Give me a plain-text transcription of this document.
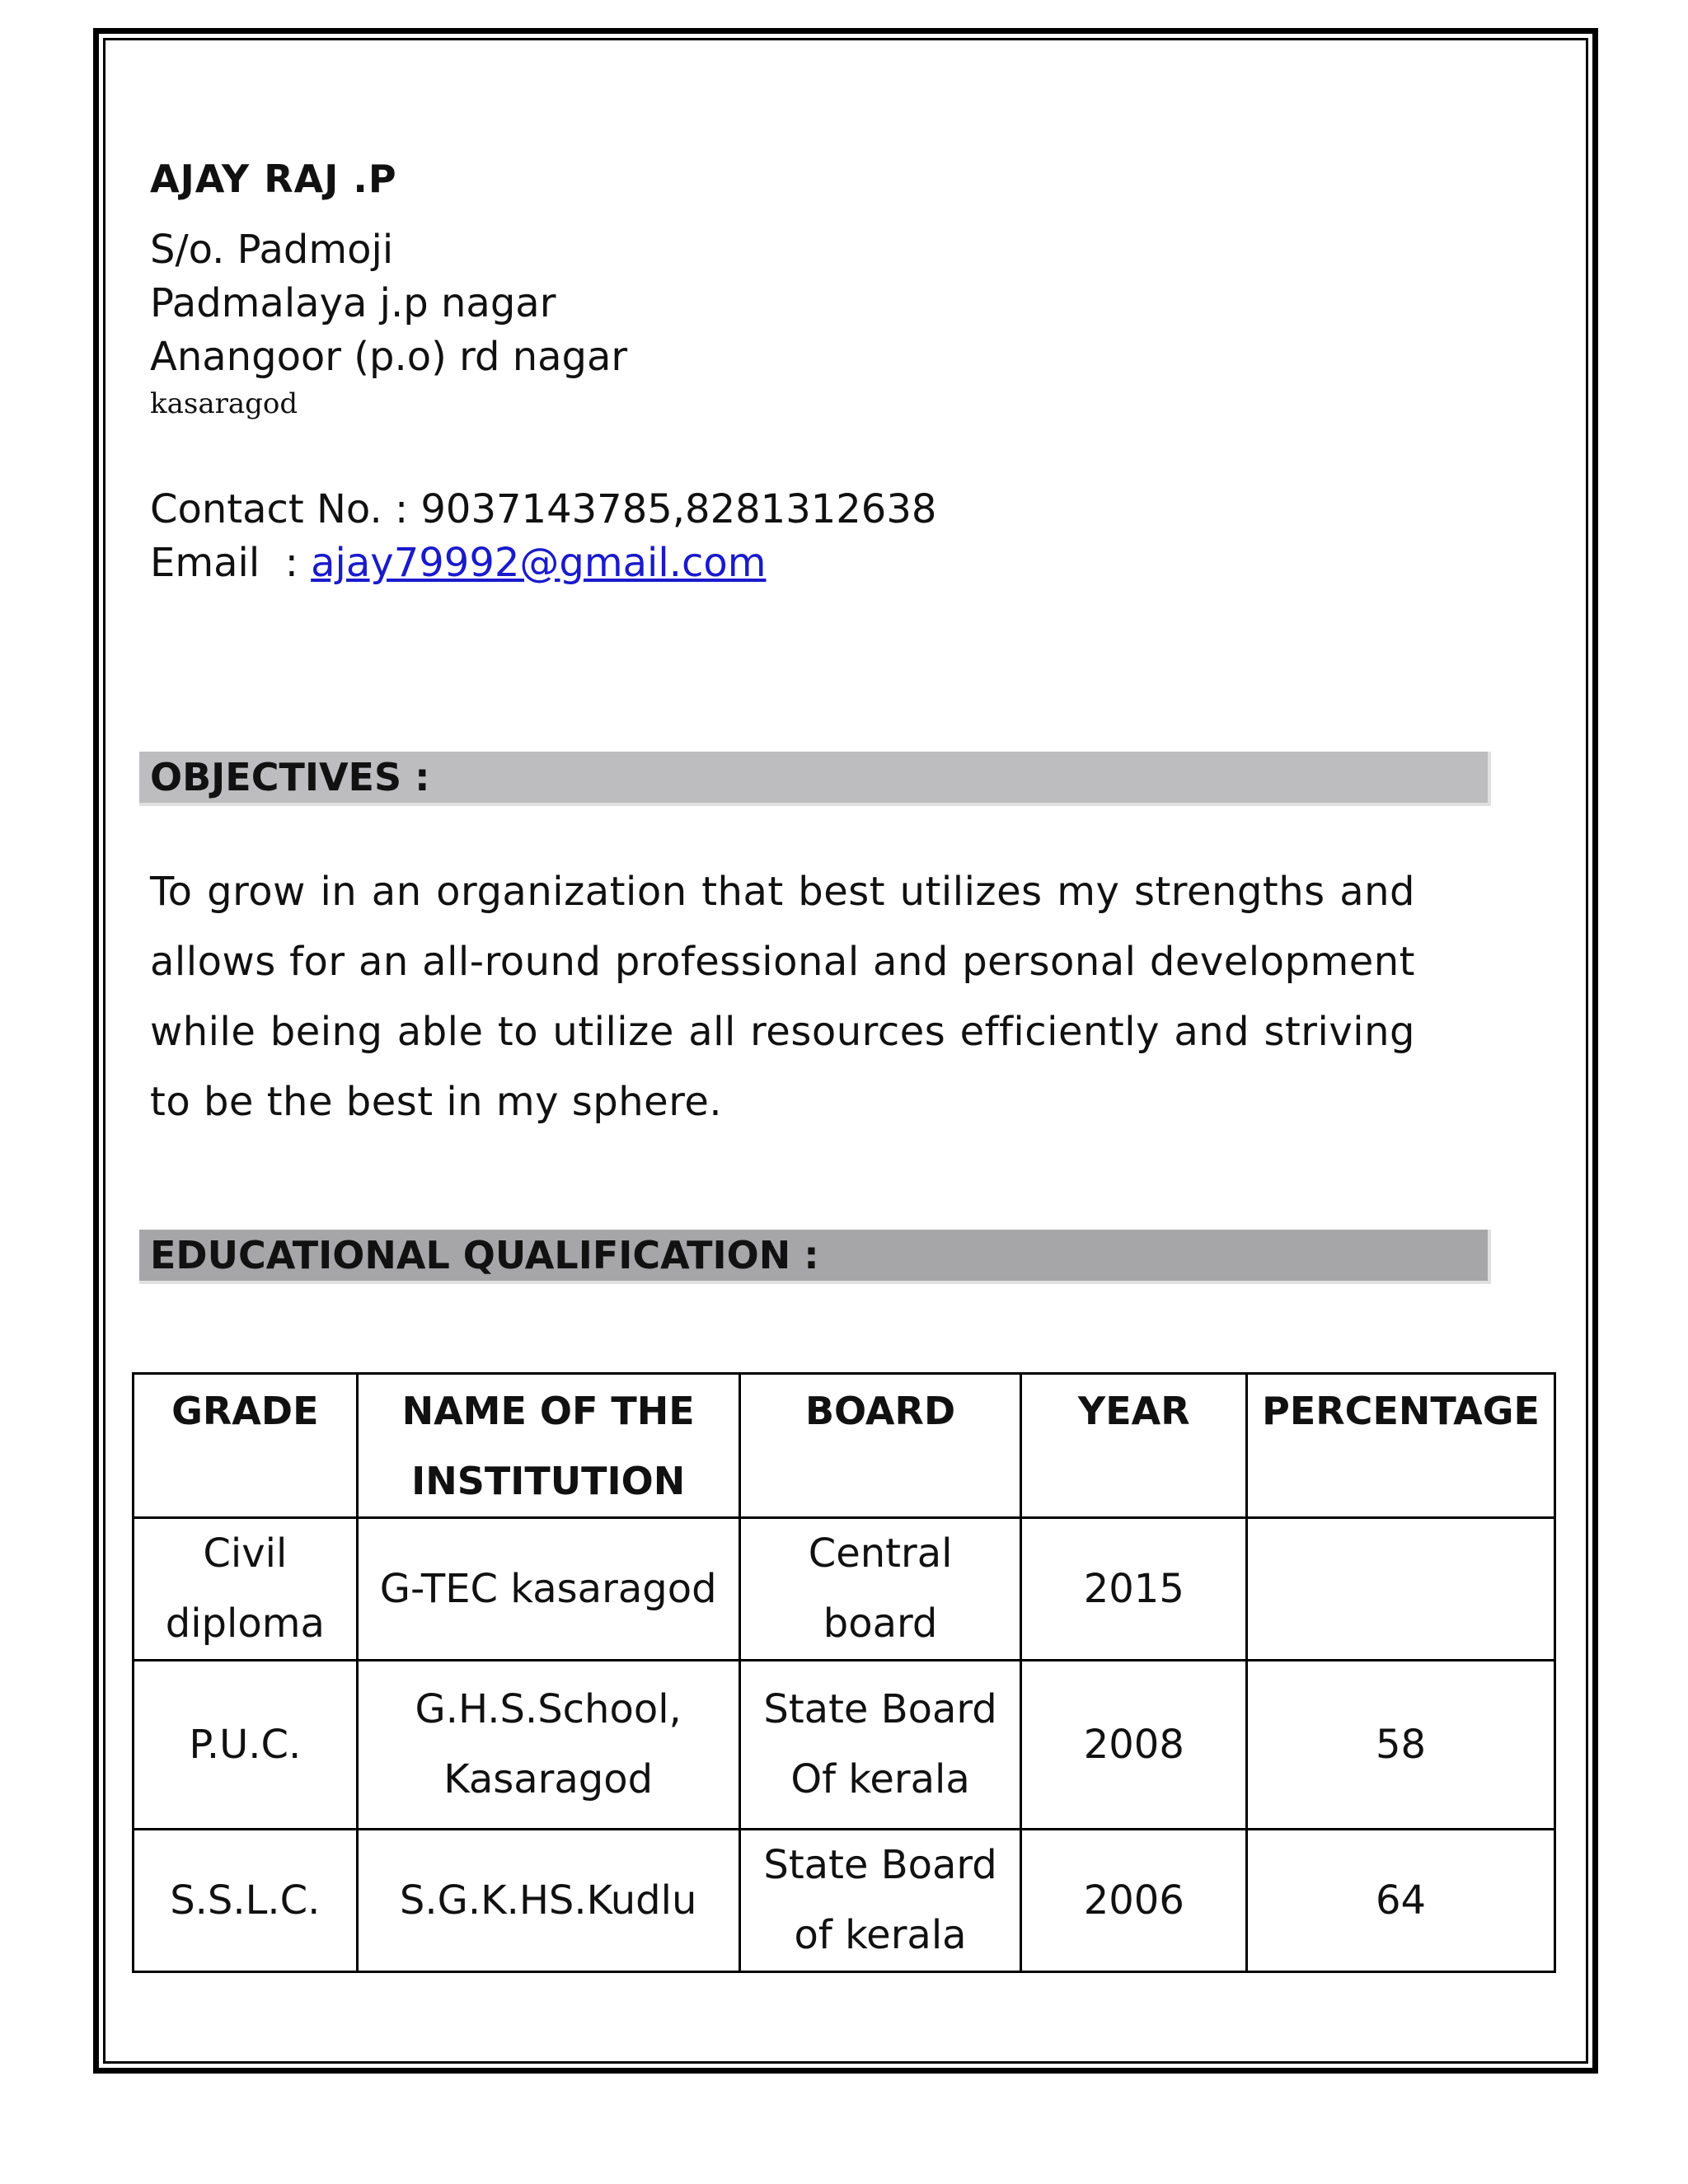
AJAY RAJ .P
S/o. Padmoji
Padmalaya j.p nagar
Anangoor (p.o) rd nagar
kasaragod
Contact No. : 9037143785,8281312638
Email  : ajay79992@gmail.com
OBJECTIVES :
To grow in an organization that best utilizes my strengths and allows for an all-round professional and personal development while being able to utilize all resources efficiently and striving to be the best in my sphere.
EDUCATIONAL QUALIFICATION :
GRADE	NAME OF THE INSTITUTION	BOARD	YEAR	PERCENTAGE
Civil diploma	G-TEC kasaragod	Central board	2015	
P.U.C.	G.H.S.School, Kasaragod	State Board Of kerala	2008	58
S.S.L.C.	S.G.K.HS.Kudlu	State Board of kerala	2006	64
